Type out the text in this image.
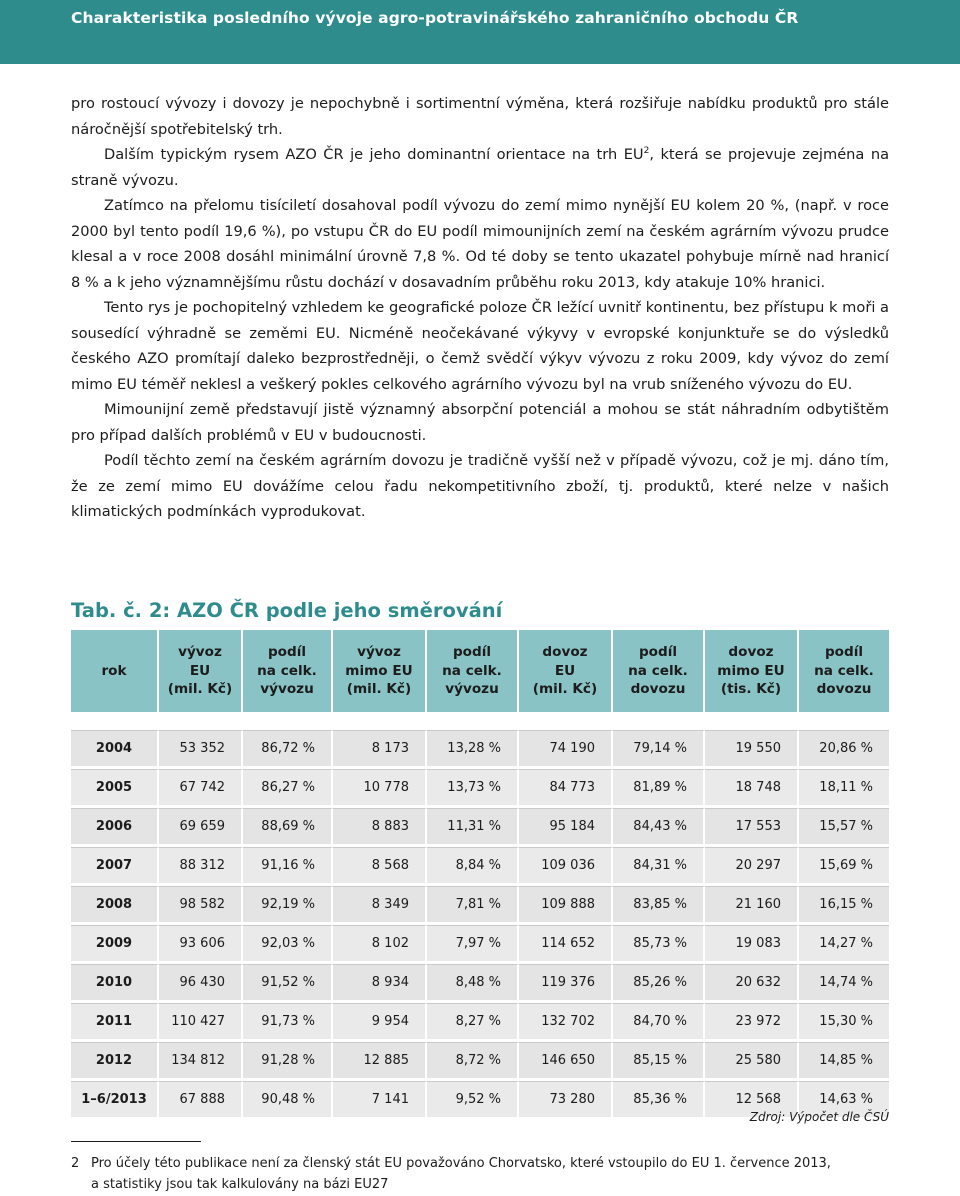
Charakteristika posledního vývoje agro-potravinářského zahraničního obchodu ČR

pro rostoucí vývozy i dovozy je nepochybně i sortimentní výměna, která rozšiřuje nabídku produktů pro stále náročnější spotřebitelský trh.

Dalším typickým rysem AZO ČR je jeho dominantní orientace na trh $EU^2$, která se projevuje zejména na straně vývozu.

Zatímco na přelomu tisíciletí dosahoval podíl vývozu do zemí mimo nynější EU kolem 20 %, (např. v roce 2000 byl tento podíl 19,6 %), po vstupu ČR do EU podíl mimounijních zemí na českém agrárním vývozu prudce klesal a v roce 2008 dosáhl minimální úrovně 7,8 %. Od té doby se tento ukazatel pohybuje mírně nad hranicí 8 % a k jeho významnějšímu růstu dochází v dosavadním průběhu roku 2013, kdy atakuje 10% hranici.

Tento rys je pochopitelný vzhledem ke geografické poloze ČR ležící uvnitř kontinentu, bez přístupu k moři a sousedící výhradně se zeměmi EU. Nicméně neočekávané výkyvy v evropské konjunktuře se do výsledků českého AZO promítají daleko bezprostředněji, o čemž svědčí výkyv vývozu z roku 2009, kdy vývoz do zemí mimo EU téměř neklesl a veškerý pokles celkového agrárního vývozu byl na vrub sníženého vývozu do EU.

Mimounijní země představují jistě významný absorpční potenciál a mohou se stát náhradním odbytištěm pro případ dalších problémů v EU v budoucnosti.

Podíl těchto zemí na českém agrárním dovozu je tradičně vyšší než v případě vývozu, což je mj. dáno tím, že ze zemí mimo EU dovážíme celou řadu nekompetitivního zboží, tj. produktů, které nelze v našich klimatických podmínkách vyprodukovat.

Tab. č. 2: AZO ČR podle jeho směrování
rok	vývoz
EU
(mil. Kč)	podíl
na celk.
vývozu	vývoz
mimo EU
(mil. Kč)	podíl
na celk.
vývozu	dovoz
EU
(mil. Kč)	podíl
na celk.
dovozu	dovoz
mimo EU
(tis. Kč)	podíl
na celk.
dovozu

2004	53 352	86,72 %	8 173	13,28 %	74 190	79,14 %	19 550	20,86 %
2005	67 742	86,27 %	10 778	13,73 %	84 773	81,89 %	18 748	18,11 %
2006	69 659	88,69 %	8 883	11,31 %	95 184	84,43 %	17 553	15,57 %
2007	88 312	91,16 %	8 568	8,84 %	109 036	84,31 %	20 297	15,69 %
2008	98 582	92,19 %	8 349	7,81 %	109 888	83,85 %	21 160	16,15 %
2009	93 606	92,03 %	8 102	7,97 %	114 652	85,73 %	19 083	14,27 %
2010	96 430	91,52 %	8 934	8,48 %	119 376	85,26 %	20 632	14,74 %
2011	110 427	91,73 %	9 954	8,27 %	132 702	84,70 %	23 972	15,30 %
2012	134 812	91,28 %	12 885	8,72 %	146 650	85,15 %	25 580	14,85 %
1–6/2013	67 888	90,48 %	7 141	9,52 %	73 280	85,36 %	12 568	14,63 %
Zdroj: Výpočet dle ČSÚ
2 Pro účely této publikace není za členský stát EU považováno Chorvatsko, které vstoupilo do EU 1. července 2013,
a statistiky jsou tak kalkulovány na bázi EU27
